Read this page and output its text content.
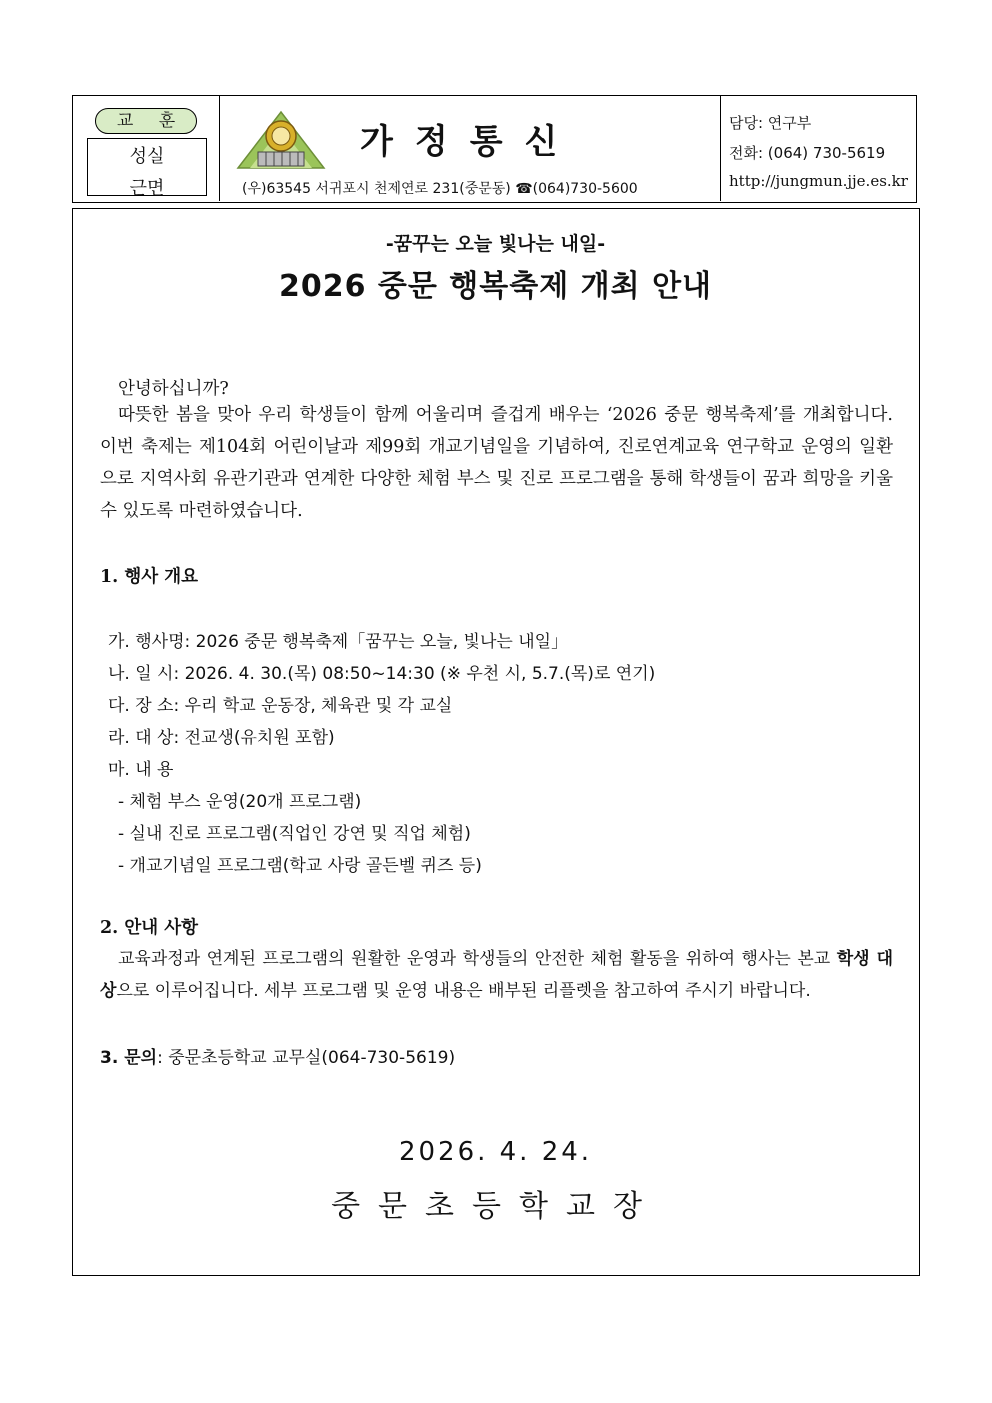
교 훈
성실
근면
가정통신
(우)63545 서귀포시 천제연로 231(중문동) ☎(064)730-5600
담당: 연구부
전화: (064) 730-5619
http://jungmun.jje.es.kr
-꿈꾸는 오늘 빛나는 내일-
2026 중문 행복축제 개최 안내
안녕하십니까?
따뜻한 봄을 맞아 우리 학생들이 함께 어울리며 즐겁게 배우는 ‘2026 중문 행복축제’를 개최합니다. 이번 축제는 제104회 어린이날과 제99회 개교기념일을 기념하여, 진로연계교육 연구학교 운영의 일환으로 지역사회 유관기관과 연계한 다양한 체험 부스 및 진로 프로그램을 통해 학생들이 꿈과 희망을 키울 수 있도록 마련하였습니다.
1. 행사 개요
가. 행사명: 2026 중문 행복축제「꿈꾸는 오늘, 빛나는 내일」
나. 일 시: 2026. 4. 30.(목) 08:50~14:30 (※ 우천 시, 5.7.(목)로 연기)
다. 장 소: 우리 학교 운동장, 체육관 및 각 교실
라. 대 상: 전교생(유치원 포함)
마. 내 용
- 체험 부스 운영(20개 프로그램)
- 실내 진로 프로그램(직업인 강연 및 직업 체험)
- 개교기념일 프로그램(학교 사랑 골든벨 퀴즈 등)
2. 안내 사항
교육과정과 연계된 프로그램의 원활한 운영과 학생들의 안전한 체험 활동을 위하여 행사는 본교 학생 대상으로 이루어집니다. 세부 프로그램 및 운영 내용은 배부된 리플렛을 참고하여 주시기 바랍니다.
3. 문의: 중문초등학교 교무실(064-730-5619)
2026. 4. 24.
중문초등학교장
